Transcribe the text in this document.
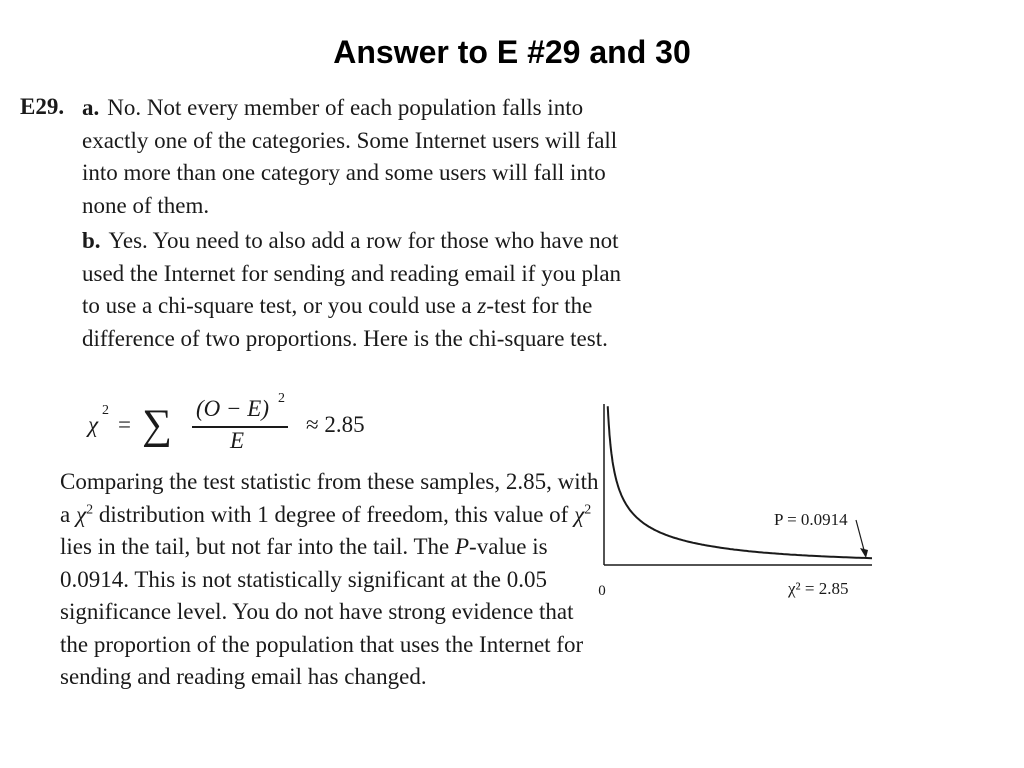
Answer to E #29 and 30
E29. a. No. Not every member of each population falls into exactly one of the categories. Some Internet users will fall into more than one category and some users will fall into none of them.

b. Yes. You need to also add a row for those who have not used the Internet for sending and reading email if you plan to use a chi-square test, or you could use a z-test for the difference of two proportions. Here is the chi-square test.

χ
2
= ∑ (O − E) 2
E
≈ 2.85

Comparing the test statistic from these samples, 2.85, with a $\chi^2$ distribution with 1 degree of freedom, this value of $\chi^2$ lies in the tail, but not far into the tail. The P-value is 0.0914. This is not statistically significant at the 0.05 significance level. You do not have strong evidence that the proportion of the population that uses the Internet for sending and reading email has changed.

0
P = 0.0914
χ² = 2.85
